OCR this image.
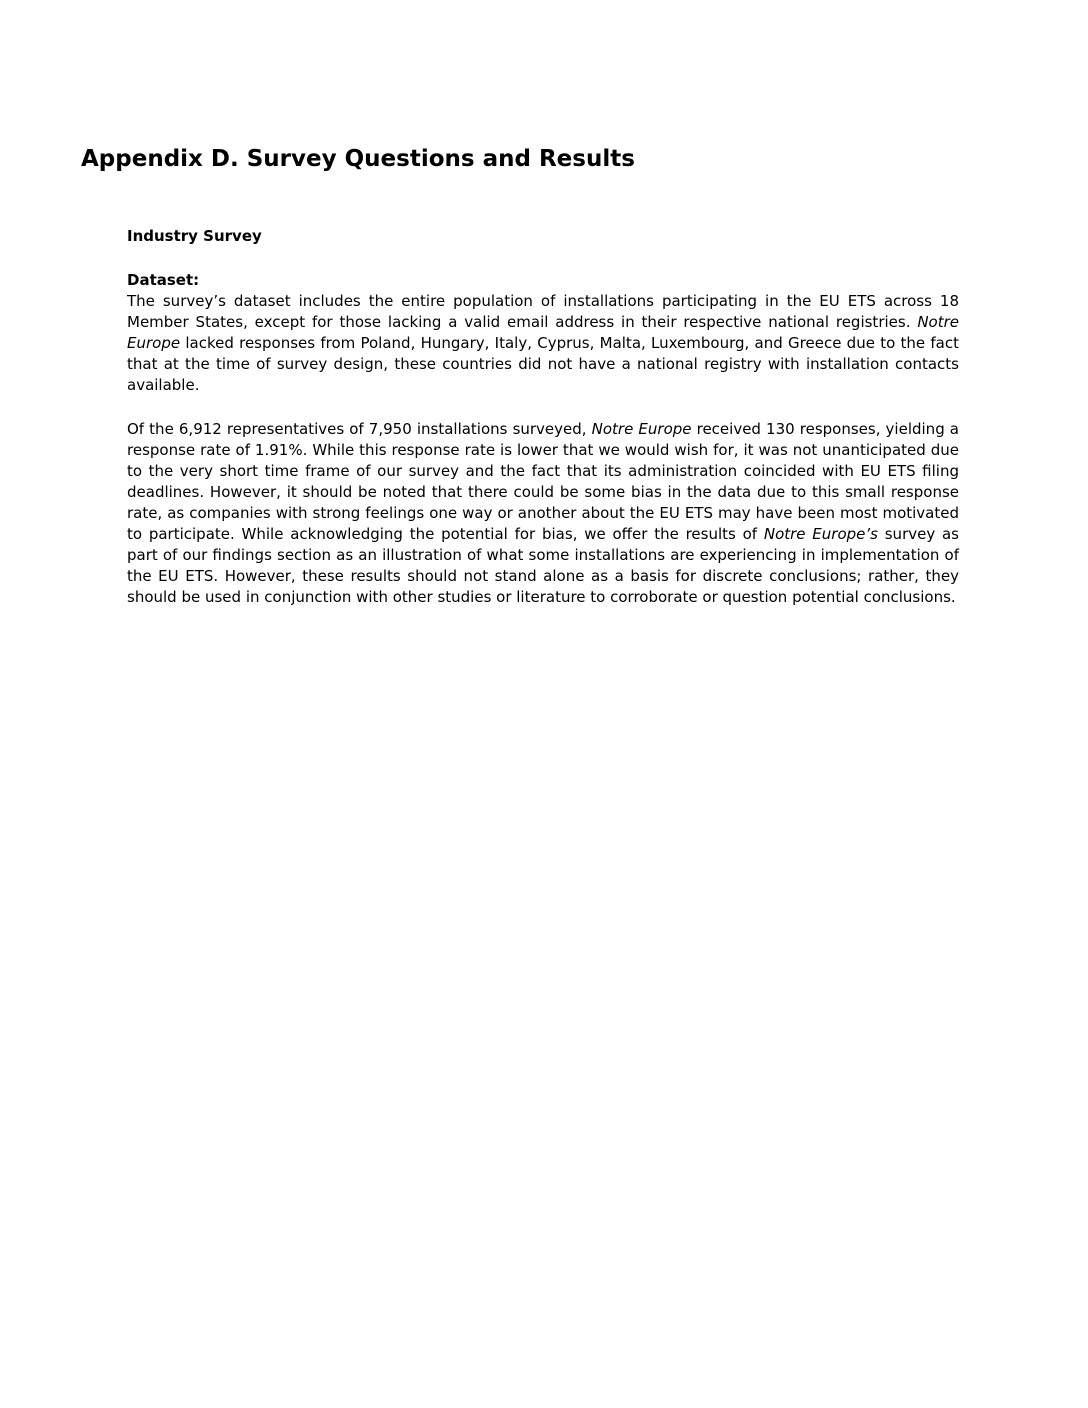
Appendix D. Survey Questions and Results
Industry Survey
Dataset:

The survey’s dataset includes the entire population of installations participating in the EU ETS across 18 Member States, except for those lacking a valid email address in their respective national registries. Notre Europe lacked responses from Poland, Hungary, Italy, Cyprus, Malta, Luxembourg, and Greece due to the fact that at the time of survey design, these countries did not have a national registry with installation contacts available.

Of the 6,912 representatives of 7,950 installations surveyed, Notre Europe received 130 responses, yielding a response rate of 1.91%. While this response rate is lower that we would wish for, it was not unanticipated due to the very short time frame of our survey and the fact that its administration coincided with EU ETS filing deadlines. However, it should be noted that there could be some bias in the data due to this small response rate, as companies with strong feelings one way or another about the EU ETS may have been most motivated to participate. While acknowledging the potential for bias, we offer the results of Notre Europe’s survey as part of our findings section as an illustration of what some installations are experiencing in implementation of the EU ETS. However, these results should not stand alone as a basis for discrete conclusions; rather, they should be used in conjunction with other studies or literature to corroborate or question potential conclusions.
